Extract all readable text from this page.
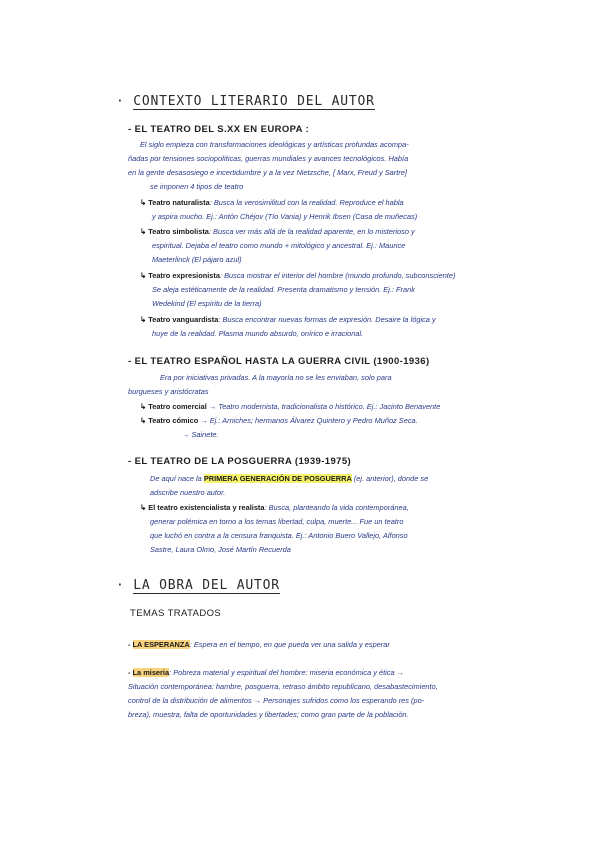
· CONTEXTO LITERARIO DEL AUTOR
- EL TEATRO DEL S.XX EN EUROPA :
El siglo empieza con transformaciones ideológicas y artísticas profundas acompa-
ñadas por tensiones sociopolíticas, guerras mundiales y avances tecnológicos. Había
en la gente desasosiego e incertidumbre y a la vez Nietzsche, [ Marx, Freud y Sartre]
se imponen 4 tipos de teatro
↳ Teatro naturalista: Busca la verosimilitud con la realidad. Reproduce el habla
y aspira mucho. Ej.: Antón Chéjov (Tío Vania) y Henrik Ibsen (Casa de muñecas)
↳ Teatro simbolista: Busca ver más allá de la realidad aparente, en lo misterioso y
espiritual. Dejaba el teatro como mundo + mitológico y ancestral. Ej.: Maurice
Maeterlinck (El pájaro azul)
↳ Teatro expresionista: Busca mostrar el interior del hombre (mundo profundo, subconsciente)
Se aleja estéticamente de la realidad. Presenta dramatismo y tensión. Ej.: Frank
Wedekind (El espíritu de la tierra)
↳ Teatro vanguardista: Busca encontrar nuevas formas de expresión. Desaire la lógica y
huye de la realidad. Plasma mundo absurdo, onírico e irracional.
- EL TEATRO ESPAÑOL HASTA LA GUERRA CIVIL (1900-1936)
Era por iniciativas privadas. A la mayoría no se les enviaban, solo para
burgueses y aristócratas
↳ Teatro comercial → Teatro modernista, tradicionalista o histórico. Ej.: Jacinto Benavente
↳ Teatro cómico → Ej.: Arniches; hermanos Álvarez Quintero y Pedro Muñoz Seca.
→ Sainete.
- EL TEATRO DE LA POSGUERRA (1939-1975)
De aquí nace la PRIMERA GENERACIÓN DE POSGUERRA (ej. anterior), donde se
adscribe nuestro autor.
↳ El teatro existencialista y realista: Busca, planteando la vida contemporánea,
generar polémica en torno a los temas libertad, culpa, muerte... Fue un teatro
que luchó en contra a la censura franquista. Ej.: Antonio Buero Vallejo, Alfonso
Sastre, Laura Olmo, José Martín Recuerda
· LA OBRA DEL AUTOR
TEMAS TRATADOS
- LA ESPERANZA: Espera en el tiempo, en que pueda ver una salida y esperar
- La miseria: Pobreza material y espiritual del hombre: miseria económica y ética →
Situación contemporánea: hambre, posguerra, retraso ámbito republicano, desabastecimiento,
control de la distribución de alimentos → Personajes sufridos como los esperando res (po-
breza), muestra, falta de oportunidades y libertades; como gran parte de la población.
